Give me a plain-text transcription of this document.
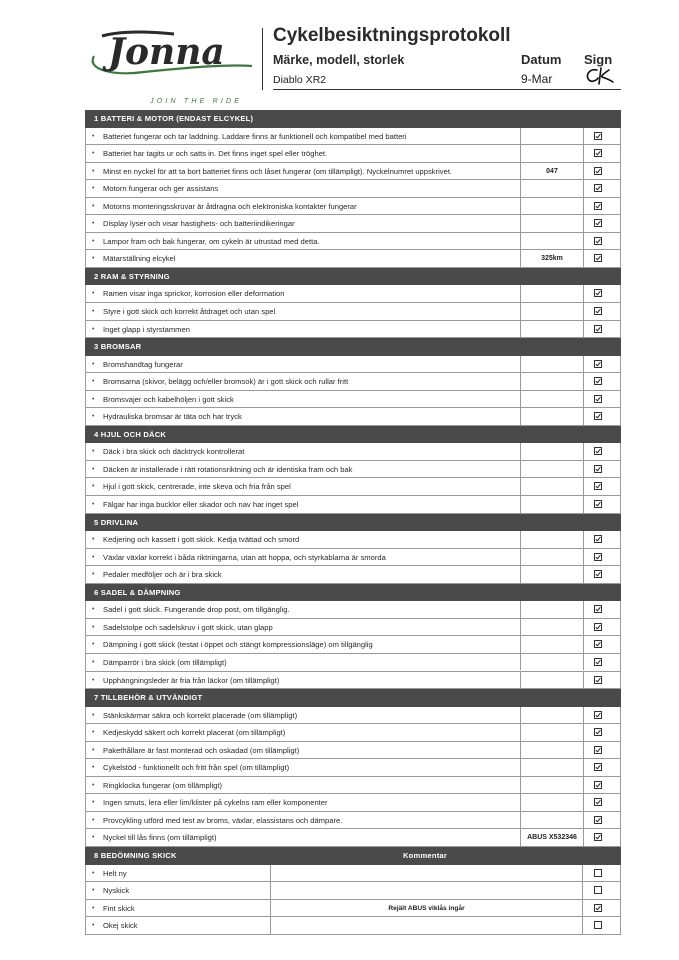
Jonna
JOIN THE RIDE
Cykelbesiktningsprotokoll
Märke, modell, storlek	Datum Sign
Diablo XR2	9-Mar
1 BATTERI & MOTOR (ENDAST ELCYKEL)
• Batteriet fungerar och tar laddning. Laddare finns är funktionell och kompatibel med batteri
• Batteriet har tagits ur och satts in. Det finns inget spel eller tröghet.
• Minst en nyckel för att ta bort batteriet finns och låset fungerar (om tillämpligt). Nyckelnumret uppskrivet.	047
• Motorn fungerar och ger assistans
• Motorns monteringsskruvar är åtdragna och elektroniska kontakter fungerar
• Display lyser och visar hastighets- och batteriindikeringar
• Lampor fram och bak fungerar, om cykeln är utrustad med detta.
• Mätarställning elcykel	325km
2 RAM & STYRNING
• Ramen visar inga sprickor, korrosion eller deformation
• Styre i gott skick och korrekt åtdraget och utan spel
• Inget glapp i styrstammen
3 BROMSAR
• Bromshandtag fungerar
• Bromsarna (skivor, belägg och/eller bromsok) är i gott skick och rullar fritt
• Bromsvajer och kabelhöljen i gott skick
• Hydrauliska bromsar är täta och har tryck
4 HJUL OCH DÄCK
• Däck i bra skick och däcktryck kontrollerat
• Däcken är installerade i rätt rotationsriktning och är identiska fram och bak
• Hjul i gott skick, centrerade, inte skeva och fria från spel
• Fälgar har inga bucklor eller skador och nav har inget spel
5 DRIVLINA
• Kedjering och kassett i gott skick. Kedja tvättad och smord
• Växlar växlar korrekt i båda riktningarna, utan att hoppa, och styrkablarna är smorda
• Pedaler medföljer och är i bra skick
6 SADEL & DÄMPNING
• Sadel i gott skick. Fungerande drop post, om tillgänglig.
• Sadelstolpe och sadelskruv i gott skick, utan glapp
• Dämpning i gott skick (testat i öppet och stängt kompressionsläge) om tillgänglig
• Dämparrör i bra skick (om tillämpligt)
• Upphängningsleder är fria från läckor (om tillämpligt)
7 TILLBEHÖR & UTVÄNDIGT
• Stänkskärmar säkra och korrekt placerade (om tillämpligt)
• Kedjeskydd säkert och korrekt placerat (om tillämpligt)
• Pakethållare är fast monterad och oskadad (om tillämpligt)
• Cykelstöd - funktionellt och fritt från spel (om tillämpligt)
• Ringklocka fungerar (om tillämpligt)
• Ingen smuts, lera eller lim/klister på cykelns ram eller komponenter
• Provcykling utförd med test av broms, växlar, elassistans och dämpare.
• Nyckel till lås finns (om tillämpligt)	ABUS X532346
8 BEDÖMNING SKICK	Kommentar
• Helt ny
• Nyskick
• Fint skick	Rejält ABUS viklås ingår
• Okej skick
